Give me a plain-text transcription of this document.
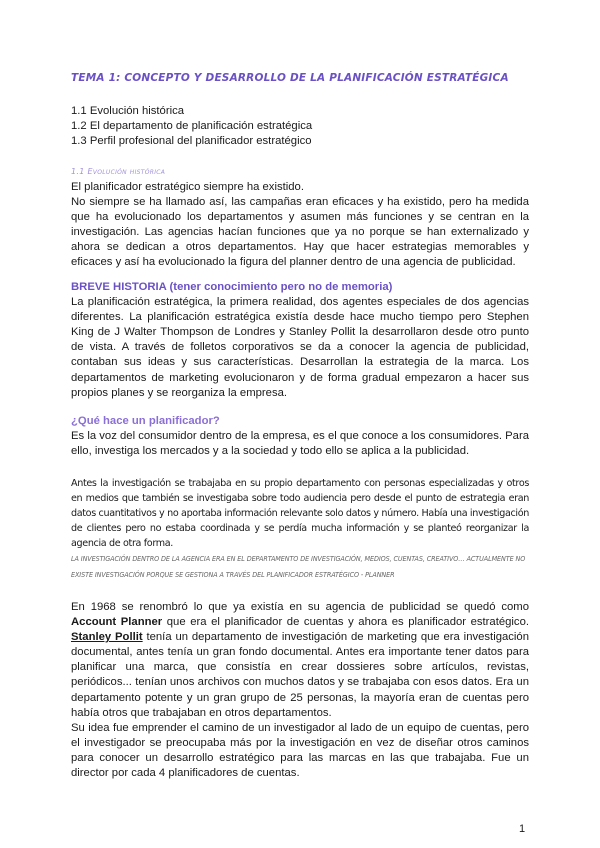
TEMA 1: CONCEPTO Y DESARROLLO DE LA PLANIFICACIÓN ESTRATÉGICA
1.1 Evolución histórica
1.2 El departamento de planificación estratégica
1.3 Perfil profesional del planificador estratégico
1.1 Evolución histórica
El planificador estratégico siempre ha existido.
No siempre se ha llamado así, las campañas eran eficaces y ha existido, pero ha medida que ha evolucionado los departamentos y asumen más funciones y se centran en la investigación. Las agencias hacían funciones que ya no porque se han externalizado y ahora se dedican a otros departamentos. Hay que hacer estrategias memorables y eficaces y así ha evolucionado la figura del planner dentro de una agencia de publicidad.
BREVE HISTORIA (tener conocimiento pero no de memoria)
La planificación estratégica, la primera realidad, dos agentes especiales de dos agencias diferentes. La planificación estratégica existía desde hace mucho tiempo pero Stephen King de J Walter Thompson de Londres y Stanley Pollit la desarrollaron desde otro punto de vista. A través de folletos corporativos se da a conocer la agencia de publicidad, contaban sus ideas y sus características. Desarrollan la estrategia de la marca. Los departamentos de marketing evolucionaron y de forma gradual empezaron a hacer sus propios planes y se reorganiza la empresa.
¿Qué hace un planificador?
Es la voz del consumidor dentro de la empresa, es el que conoce a los consumidores. Para ello, investiga los mercados y a la sociedad y todo ello se aplica a la publicidad.
Antes la investigación se trabajaba en su propio departamento con personas especializadas y otros en medios que también se investigaba sobre todo audiencia pero desde el punto de estrategia eran datos cuantitativos y no aportaba información relevante solo datos y número. Había una investigación de clientes pero no estaba coordinada y se perdía mucha información y se planteó reorganizar la agencia de otra forma.
LA INVESTIGACIÓN DENTRO DE LA AGENCIA ERA EN EL DEPARTAMENTO DE INVESTIGACIÓN, MEDIOS, CUENTAS, CREATIVO… ACTUALMENTE NO EXISTE INVESTIGACIÓN PORQUE SE GESTIONA A TRAVÉS DEL PLANIFICADOR ESTRATÉGICO - PLANNER
En 1968 se renombró lo que ya existía en su agencia de publicidad se quedó como Account Planner que era el planificador de cuentas y ahora es planificador estratégico. Stanley Pollit tenía un departamento de investigación de marketing que era investigación documental, antes tenía un gran fondo documental. Antes era importante tener datos para planificar una marca, que consistía en crear dossieres sobre artículos, revistas, periódicos... tenían unos archivos con muchos datos y se trabajaba con esos datos. Era un departamento potente y un gran grupo de 25 personas, la mayoría eran de cuentas pero había otros que trabajaban en otros departamentos.
Su idea fue emprender el camino de un investigador al lado de un equipo de cuentas, pero el investigador se preocupaba más por la investigación en vez de diseñar otros caminos para conocer un desarrollo estratégico para las marcas en las que trabajaba. Fue un director por cada 4 planificadores de cuentas.
1
